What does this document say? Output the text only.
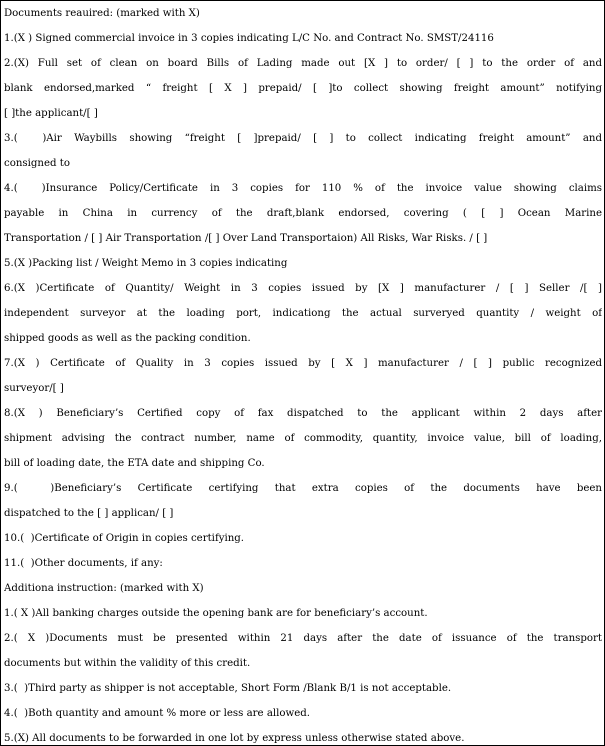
Documents reauired: (marked with X)
1.(X ) Signed commercial invoice in 3 copies indicating L/C No. and Contract No. SMST/24116
2.(X) Full set of clean on board Bills of Lading made out [X ] to order/ [ ] to the order of and
blank endorsed,marked “ freight [ X ] prepaid/ [ ]to collect showing freight amount” notifying
[ ]the applicant/[ ]
3.(  )Air Waybills showing “freight [ ]prepaid/ [ ] to collect indicating freight amount” and
consigned to
4.(  )Insurance Policy/Certificate in 3 copies for 110 % of the invoice value showing claims
payable in China in currency of the draft,blank endorsed, covering ( [ ] Ocean Marine
Transportation / [ ] Air Transportation /[ ] Over Land Transportaion) All Risks, War Risks. / [ ]
5.(X )Packing list / Weight Memo in 3 copies indicating
6.(X )Certificate of Quantity/ Weight in 3 copies issued by [X ] manufacturer / [ ] Seller /[ ]
independent surveyor at the loading port, indicationg the actual surveryed quantity / weight of
shipped goods as well as the packing condition.
7.(X ) Certificate of Quality in 3 copies issued by [ X ] manufacturer / [ ] public recognized
surveyor/[ ]
8.(X ) Beneficiary’s Certified copy of fax dispatched to the applicant within 2 days after
shipment advising the contract number, name of commodity, quantity, invoice value, bill of loading,
bill of loading date, the ETA date and shipping Co.
9.(  )Beneficiary’s Certificate certifying that extra copies of the documents have been
dispatched to the [ ] applican/ [ ]
10.(  )Certificate of Origin in copies certifying.
11.(  )Other documents, if any:
Additiona instruction: (marked with X)
1.( X )All banking charges outside the opening bank are for beneficiary’s account.
2.( X )Documents must be presented within 21 days after the date of issuance of the transport
documents but within the validity of this credit.
3.(  )Third party as shipper is not acceptable, Short Form /Blank B/1 is not acceptable.
4.(  )Both quantity and amount % more or less are allowed.
5.(X) All documents to be forwarded in one lot by express unless otherwise stated above.
